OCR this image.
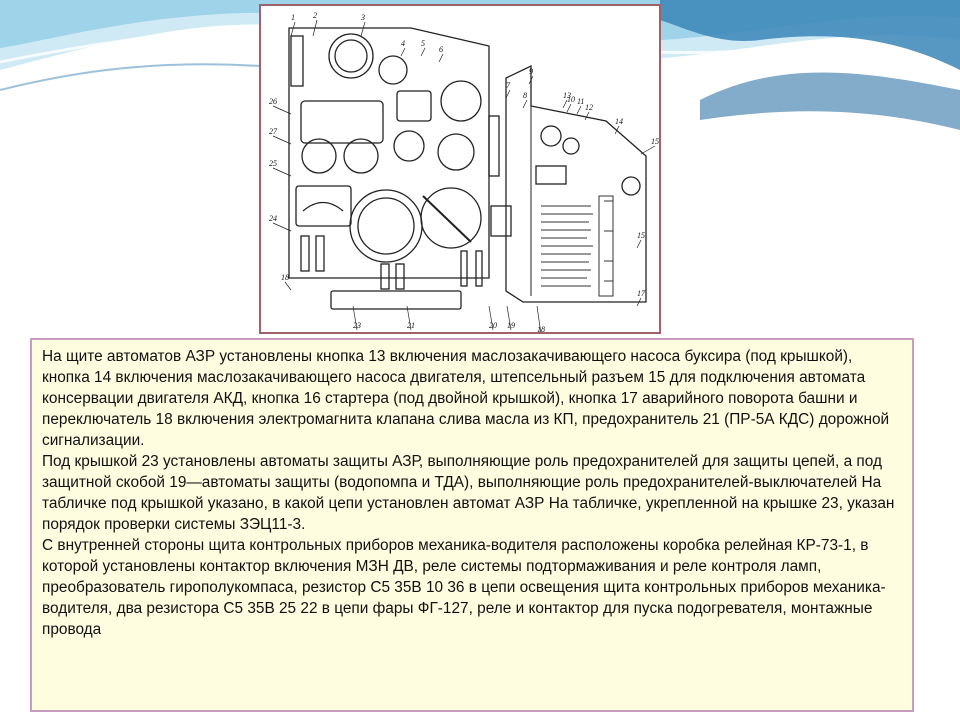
1 2	3
4 5
6
7
8
9
10 11
12
13
14
15
15
17
18
18
19
20
21
23
24
25
26
27

На щите автоматов АЗР установлены кнопка 13 включения маслозакачивающего насоса буксира (под крышкой), кнопка 14 включения маслозакачивающего насоса двигателя, штепсельный разъем 15 для подключения автомата консервации двигателя АКД, кнопка 16 стартера (под двойной крышкой), кнопка 17 аварийного поворота башни и переключатель 18 включения электромагнита клапана слива масла из КП, предохранитель 21 (ПР-5А КДС) дорожной сигнализации.

Под крышкой 23 установлены автоматы защиты АЗР, выполняющие роль предохранителей для защиты цепей, а под защитной скобой 19—автоматы защиты (водопомпа и ТДА), выполняющие роль предохранителей-выключателей На табличке под крышкой указано, в какой цепи установлен автомат АЗР На табличке, укрепленной на крышке 23, указан порядок проверки системы ЗЭЦ11-3.

С внутренней стороны щита контрольных приборов механика-водителя расположены коробка релейная КР-73-1, в которой установлены контактор включения МЗН ДВ, реле системы подтормаживания и реле контроля ламп, преобразователь гирополукомпаса, резистор С5 35В 10 36 в цепи освещения щита контрольных приборов механика-водителя, два резистора С5 35В 25 22 в цепи фары ФГ-127, реле и контактор для пуска подогревателя, монтажные провода
